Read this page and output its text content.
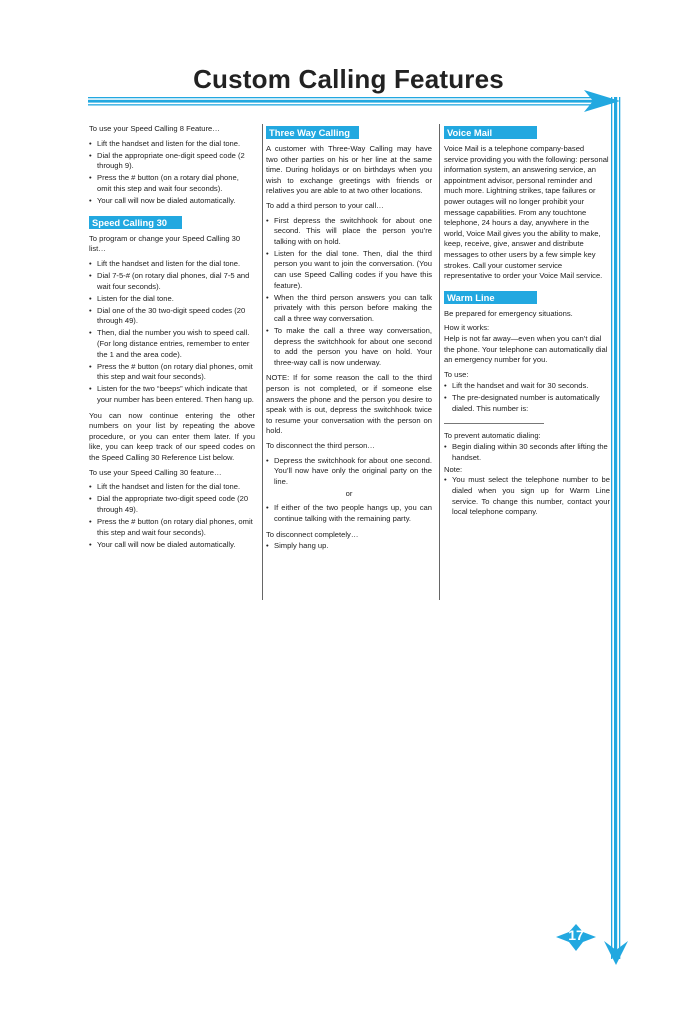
Custom Calling Features
17

To use your Speed Calling 8 Feature…

• Lift the handset and listen for the dial tone.
• Dial the appropriate one-digit speed code (2 through 9).
• Press the # button (on a rotary dial phone, omit this step and wait four seconds).
• Your call will now be dialed automatically.
Speed Calling 30

To program or change your Speed Calling 30 list…

• Lift the handset and listen for the dial tone.
• Dial 7-5-# (on rotary dial phones, dial 7-5 and wait four seconds).
• Listen for the dial tone.
• Dial one of the 30 two-digit speed codes (20 through 49).
• Then, dial the number you wish to speed call. (For long distance entries, remember to enter the 1 and the area code).
• Press the # button (on rotary dial phones, omit this step and wait four seconds).
• Listen for the two “beeps” which indicate that your number has been entered. Then hang up.

You can now continue entering the other numbers on your list by repeating the above procedure, or you can enter them later. If you like, you can keep track of our speed codes on the Speed Calling 30 Reference List below.

To use your Speed Calling 30 feature…

• Lift the handset and listen for the dial tone.
• Dial the appropriate two-digit speed code (20 through 49).
• Press the # button (on rotary dial phones, omit this step and wait four seconds).
• Your call will now be dialed automatically.
Three Way Calling

A customer with Three-Way Calling may have two other parties on his or her line at the same time. During holidays or on birthdays when you wish to exchange greetings with friends or relatives you are able to at two other locations.

To add a third person to your call…

• First depress the switchhook for about one second. This will place the person you’re talking with on hold.
• Listen for the dial tone. Then, dial the third person you want to join the conversation. (You can use Speed Calling codes if you have this feature).
• When the third person answers you can talk privately with this person before making the call a three way conversation.
• To make the call a three way conversation, depress the switchhook for about one second to add the person you have on hold. Your three-way call is now underway.

NOTE: If for some reason the call to the third person is not completed, or if someone else answers the phone and the person you desire to speak with is out, depress the switchhook twice to resume your conversation with the person on hold.

To disconnect the third person…

• Depress the switchhook for about one second. You’ll now have only the original party on the line.

or

• If either of the two people hangs up, you can continue talking with the remaining party.

To disconnect completely…

• Simply hang up.
Voice Mail

Voice Mail is a telephone company-based service providing you with the following: personal information system, an answering service, an appointment advisor, personal reminder and much more. Lightning strikes, tape failures or power outages will no longer prohibit your message capabilities. From any touchtone telephone, 24 hours a day, anywhere in the world, Voice Mail gives you the ability to make, keep, receive, give, answer and distribute messages to other users by a few simple key strokes. Call your customer service representative to order your Voice Mail service.

Warm Line

Be prepared for emergency situations.

How it works:

Help is not far away—even when you can’t dial the phone. Your telephone can automatically dial an emergency number for you.

To use:

• Lift the handset and wait for 30 seconds.
• The pre-designated number is automatically dialed. This number is:

To prevent automatic dialing:

• Begin dialing within 30 seconds after lifting the handset.

Note:

• You must select the telephone number to be dialed when you sign up for Warm Line service. To change this number, contact your local telephone company.
